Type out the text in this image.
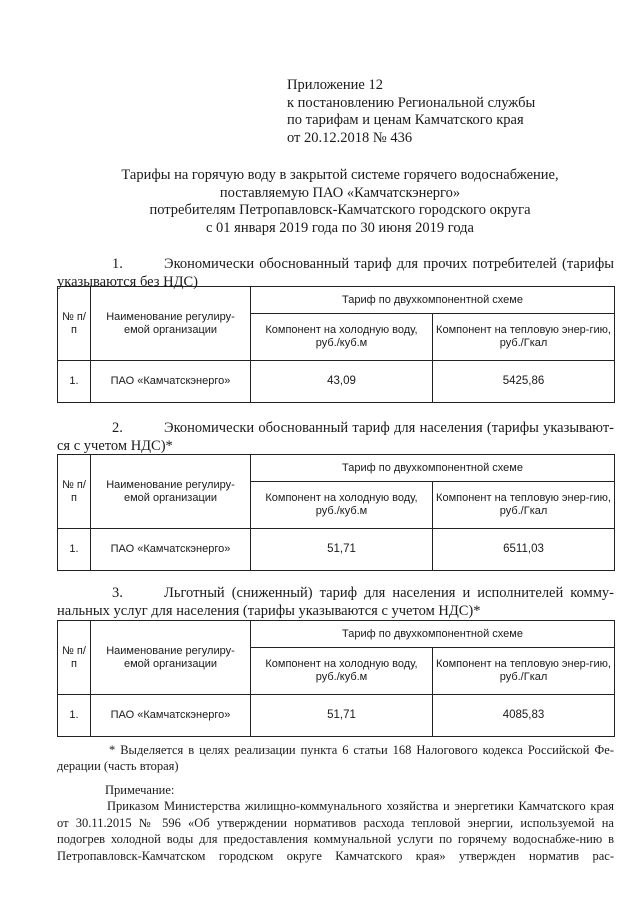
Приложение 12
к постановлению Региональной службы
по тарифам и ценам Камчатского края
от 20.12.2018 № 436
Тарифы на горячую воду в закрытой системе горячего водоснабжение,
поставляемую ПАО «Камчатскэнерго»
потребителям Петропавловск-Камчатского городского округа
с 01 января 2019 года по 30 июня 2019 года
1.	Экономически обоснованный тариф для прочих потребителей (тарифы указываются без НДС)
№ п/п	Наименование регулиру-емой организации	Тариф по двухкомпонентной схеме	
		Компонент на холодную воду, руб./куб.м	Компонент на тепловую энер-гию, руб./Гкал
1.	ПАО «Камчатскэнерго»	43,09	5425,86
2.	Экономически обоснованный тариф для населения (тарифы указывают-ся с учетом НДС)*
№ п/п	Наименование регулиру-емой организации	Тариф по двухкомпонентной схеме	
		Компонент на холодную воду, руб./куб.м	Компонент на тепловую энер-гию, руб./Гкал
1.	ПАО «Камчатскэнерго»	51,71	6511,03
3.	Льготный (сниженный) тариф для населения и исполнителей комму-нальных услуг для населения (тарифы указываются с учетом НДС)*
№ п/п	Наименование регулиру-емой организации	Тариф по двухкомпонентной схеме	
		Компонент на холодную воду, руб./куб.м	Компонент на тепловую энер-гию, руб./Гкал
1.	ПАО «Камчатскэнерго»	51,71	4085,83
* Выделяется в целях реализации пункта 6 статьи 168 Налогового кодекса Российской Фе-дерации (часть вторая)
Примечание:
Приказом Министерства жилищно-коммунального хозяйства и энергетики Камчатского края от 30.11.2015 № 596 «Об утверждении нормативов расхода тепловой энергии, используемой на подогрев холодной воды для предоставления коммунальной услуги по горячему водоснабже-нию в Петропавловск-Камчатском городском округе Камчатского края» утвержден норматив рас-
